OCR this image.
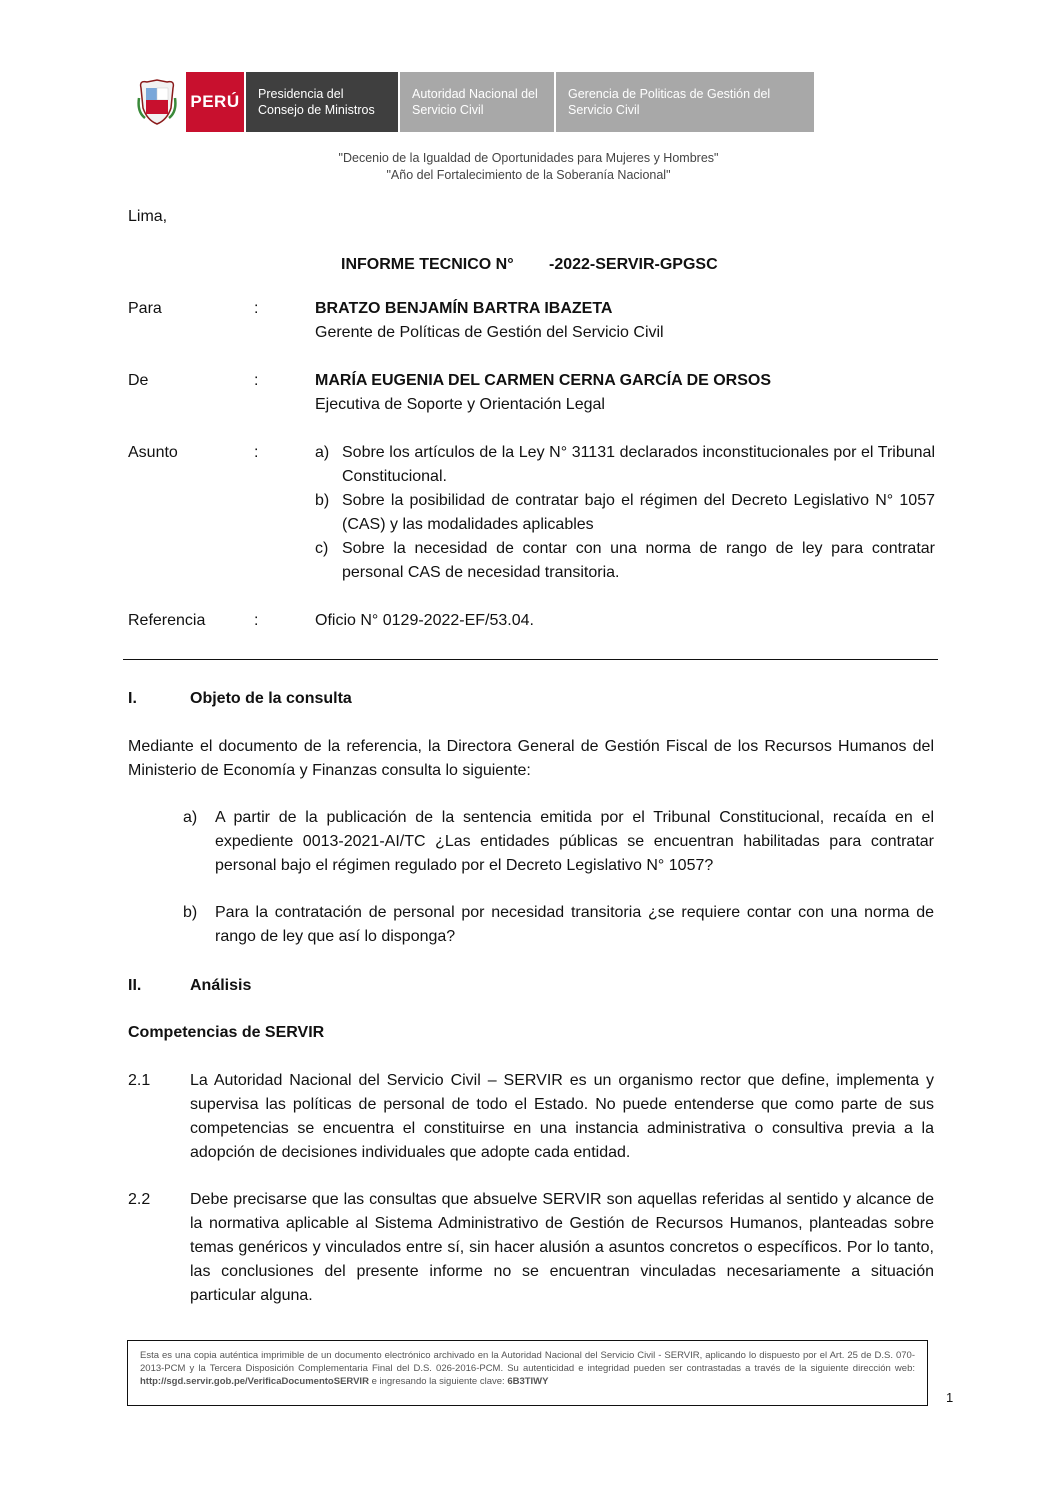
PERÚ	Presidencia del Consejo de Ministros
Autoridad Nacional del Servicio Civil
Gerencia de Politicas de Gestión del Servicio Civil
"Decenio de la Igualdad de Oportunidades para Mujeres y Hombres"
"Año del Fortalecimiento de la Soberanía Nacional"
Lima,
INFORME TECNICO N° -2022-SERVIR-GPGSC
Para	:	BRATZO BENJAMÍN BARTRA IBAZETA
Gerente de Políticas de Gestión del Servicio Civil
De	:	MARÍA EUGENIA DEL CARMEN CERNA GARCÍA DE ORSOS
Ejecutiva de Soporte y Orientación Legal
Asunto	:	a) Sobre los artículos de la Ley N° 31131 declarados inconstitucionales por el Tribunal Constitucional.
b) Sobre la posibilidad de contratar bajo el régimen del Decreto Legislativo N° 1057 (CAS) y las modalidades aplicables
c) Sobre la necesidad de contar con una norma de rango de ley para contratar personal CAS de necesidad transitoria.
Referencia	:	Oficio N° 0129-2022-EF/53.04.
I.	Objeto de la consulta
Mediante el documento de la referencia, la Directora General de Gestión Fiscal de los Recursos Humanos del Ministerio de Economía y Finanzas consulta lo siguiente:
a) A partir de la publicación de la sentencia emitida por el Tribunal Constitucional, recaída en el expediente 0013-2021-AI/TC ¿Las entidades públicas se encuentran habilitadas para contratar personal bajo el régimen regulado por el Decreto Legislativo N° 1057?
b) Para la contratación de personal por necesidad transitoria ¿se requiere contar con una norma de rango de ley que así lo disponga?
II.	Análisis
Competencias de SERVIR
2.1 La Autoridad Nacional del Servicio Civil – SERVIR es un organismo rector que define, implementa y supervisa las políticas de personal de todo el Estado. No puede entenderse que como parte de sus competencias se encuentra el constituirse en una instancia administrativa o consultiva previa a la adopción de decisiones individuales que adopte cada entidad.
2.2 Debe precisarse que las consultas que absuelve SERVIR son aquellas referidas al sentido y alcance de la normativa aplicable al Sistema Administrativo de Gestión de Recursos Humanos, planteadas sobre temas genéricos y vinculados entre sí, sin hacer alusión a asuntos concretos o específicos. Por lo tanto, las conclusiones del presente informe no se encuentran vinculadas necesariamente a situación particular alguna.
Esta es una copia auténtica imprimible de un documento electrónico archivado en la Autoridad Nacional del Servicio Civil - SERVIR, aplicando lo dispuesto por el Art. 25 de D.S. 070-2013-PCM y la Tercera Disposición Complementaria Final del D.S. 026-2016-PCM. Su autenticidad e integridad pueden ser contrastadas a través de la siguiente dirección web: http://sgd.servir.gob.pe/VerificaDocumentoSERVIR e ingresando la siguiente clave: 6B3TIWY
1
